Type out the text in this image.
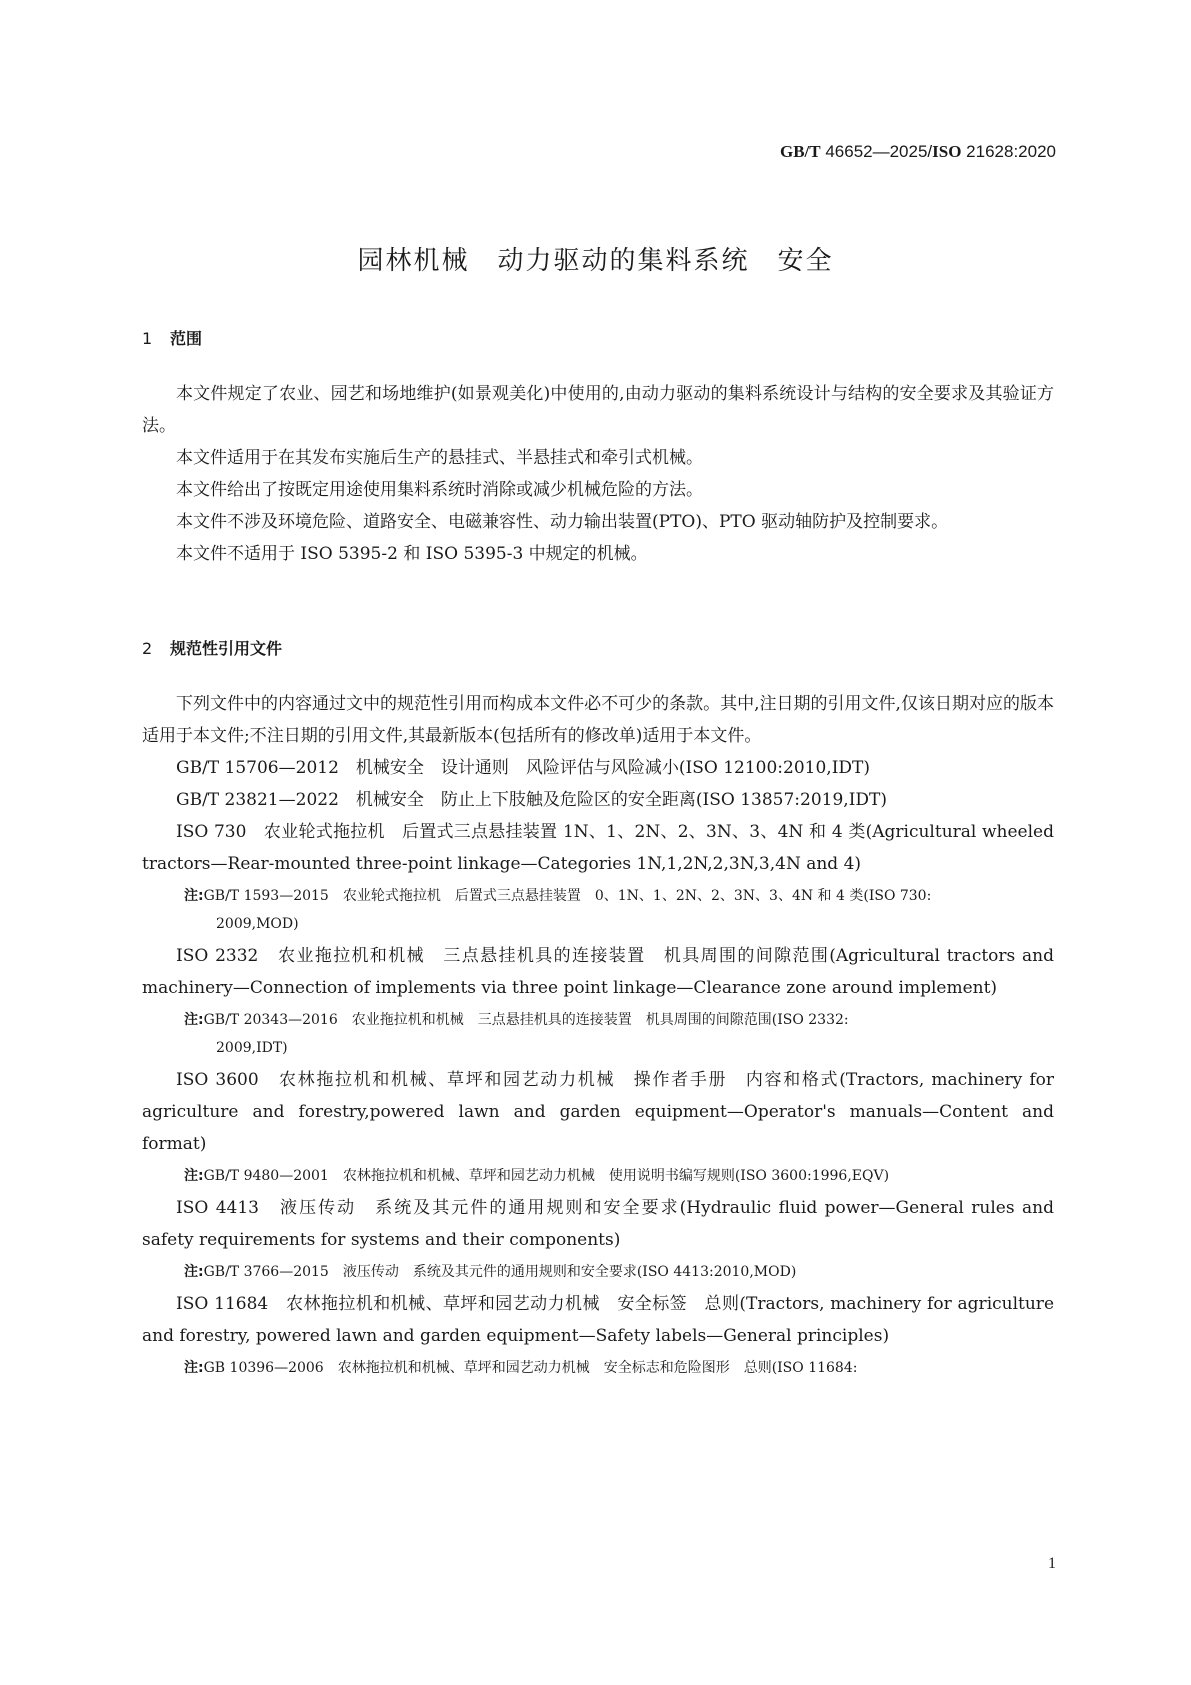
GB/T 46652—2025/ISO 21628:2020
园林机械 动力驱动的集料系统 安全
1 范围

本文件规定了农业、园艺和场地维护(如景观美化)中使用的,由动力驱动的集料系统设计与结构的安全要求及其验证方法。

本文件适用于在其发布实施后生产的悬挂式、半悬挂式和牵引式机械。

本文件给出了按既定用途使用集料系统时消除或减少机械危险的方法。

本文件不涉及环境危险、道路安全、电磁兼容性、动力输出装置(PTO)、PTO 驱动轴防护及控制要求。

本文件不适用于 ISO 5395-2 和 ISO 5395-3 中规定的机械。

2 规范性引用文件

下列文件中的内容通过文中的规范性引用而构成本文件必不可少的条款。其中,注日期的引用文件,仅该日期对应的版本适用于本文件;不注日期的引用文件,其最新版本(包括所有的修改单)适用于本文件。

GB/T 15706—2012　机械安全　设计通则　风险评估与风险减小(ISO 12100:2010,IDT)

GB/T 23821—2022　机械安全　防止上下肢触及危险区的安全距离(ISO 13857:2019,IDT)

ISO 730　农业轮式拖拉机　后置式三点悬挂装置 1N、1、2N、2、3N、3、4N 和 4 类(Agricultural wheeled tractors—Rear-mounted three-point linkage—Categories 1N,1,2N,2,3N,3,4N and 4)

注:GB/T 1593—2015　农业轮式拖拉机　后置式三点悬挂装置　0、1N、1、2N、2、3N、3、4N 和 4 类(ISO 730:
2009,MOD)

ISO 2332　农业拖拉机和机械　三点悬挂机具的连接装置　机具周围的间隙范围(Agricultural tractors and machinery—Connection of implements via three point linkage—Clearance zone around implement)

注:GB/T 20343—2016　农业拖拉机和机械　三点悬挂机具的连接装置　机具周围的间隙范围(ISO 2332:
2009,IDT)

ISO 3600　农林拖拉机和机械、草坪和园艺动力机械　操作者手册　内容和格式(Tractors, machinery for agriculture and forestry,powered lawn and garden equipment—Operator's manuals—Content and format)

注:GB/T 9480—2001　农林拖拉机和机械、草坪和园艺动力机械　使用说明书编写规则(ISO 3600:1996,EQV)

ISO 4413　液压传动　系统及其元件的通用规则和安全要求(Hydraulic fluid power—General rules and safety requirements for systems and their components)

注:GB/T 3766—2015　液压传动　系统及其元件的通用规则和安全要求(ISO 4413:2010,MOD)

ISO 11684　农林拖拉机和机械、草坪和园艺动力机械　安全标签　总则(Tractors, machinery for agriculture and forestry, powered lawn and garden equipment—Safety labels—General principles)

注:GB 10396—2006　农林拖拉机和机械、草坪和园艺动力机械　安全标志和危险图形　总则(ISO 11684:
1
